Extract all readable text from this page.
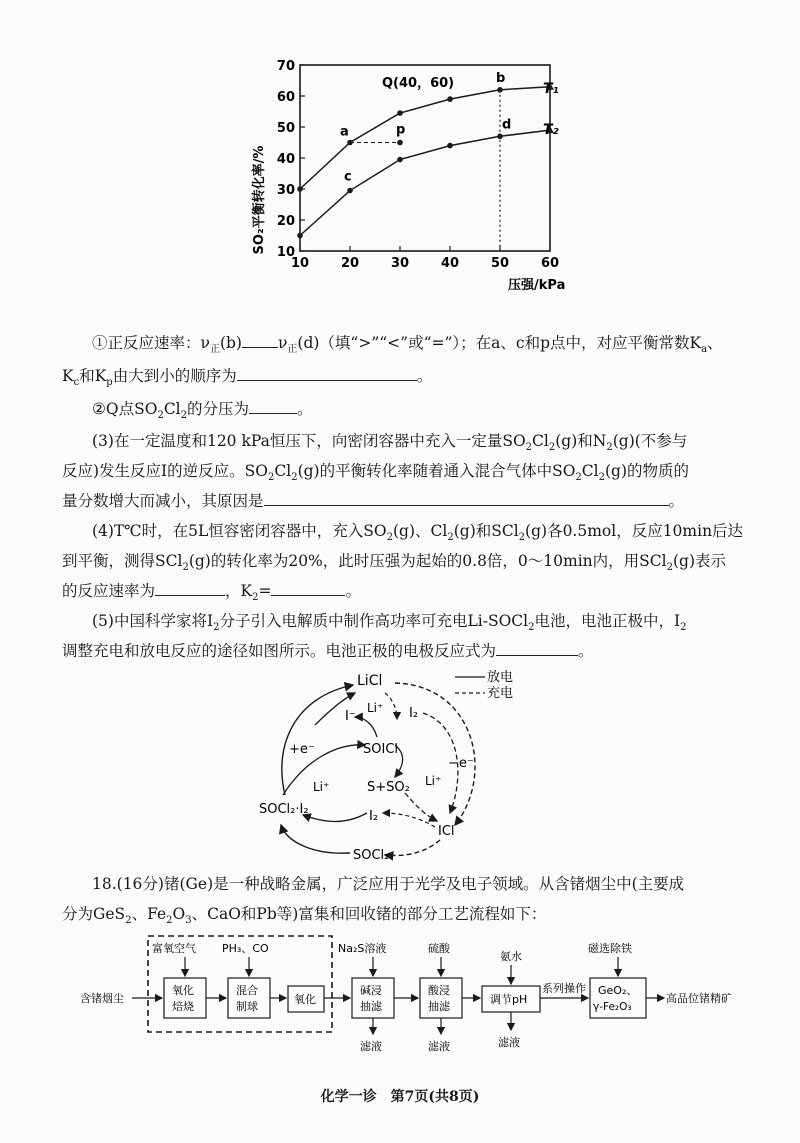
10 20 30 40 50 60
10
20
30
40
50
60
70
a	p
c
b
d
Q(40，60)
SO₂平衡转化率/%
压强/kPa
T₁
T₂
①正反应速率：$\nu_正(b)$ $\nu_正(d)$（填“>”“<”或“=”）；在a、c和p点中，对应平衡常数$K_a$、
$K_c$和$K_p$由大到小的顺序为	。
②Q点$SO_2Cl_2$的分压为	。
(3)在一定温度和120 kPa恒压下，向密闭容器中充入一定量$SO_2Cl_2(g)$和$N_2(g)$(不参与
反应)发生反应Ⅰ的逆反应。$SO_2Cl_2(g)$的平衡转化率随着通入混合气体中$SO_2Cl_2(g)$的物质的
量分数增大而减小，其原因是	。
(4)T℃时，在5L恒容密闭容器中，充入$SO_2(g)$、$Cl_2(g)$和SCl$_2$(g)各0.5mol，反应10min后达
到平衡，测得SCl$_2$(g)的转化率为20%，此时压强为起始的0.8倍，0～10min内，用SCl$_2$(g)表示
的反应速率为	，$K_2=$	。
(5)中国科学家将$I_2$分子引入电解质中制作高功率可充电Li-SOCl$_2$电池，电池正极中，$I_2$
调整充电和放电反应的途径如图所示。电池正极的电极反应式为	。
放电
充电
LiCl
I⁻
Li⁺ I₂
SOICl
+e⁻
−e⁻
Li⁺	S+SO₂ Li⁺
SOCl₂·I₂	I₂
ICl
SOCl₂
18.(16分)锗(Ge)是一种战略金属，广泛应用于光学及电子领域。从含锗烟尘中(主要成
分为GeS$_2$、$Fe_2O_3$、CaO和Pb等)富集和回收锗的部分工艺流程如下：
含锗烟尘
氧化
焙烧
富氧空气
混合
制球
PH₃、CO
氧化
碱浸
抽滤
Na₂S溶液
滤液
酸浸
抽滤
硫酸
滤液
调节pH
氨水
滤液
系列操作 GeO₂、
γ-Fe₂O₃
磁选除铁
高品位锗精矿
化学一诊　第7页(共8页)
